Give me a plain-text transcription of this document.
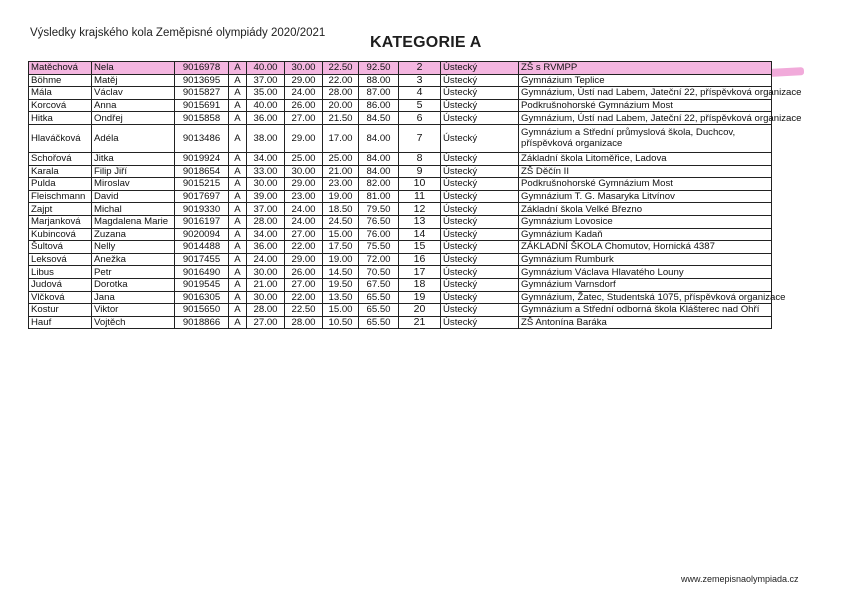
Výsledky krajského kola Zeměpisné olympiády 2020/2021
KATEGORIE A
Matěchová	Nela	9016978	A	40.00	30.00	22.50	92.50	2	Ústecký	ZŠ s RVMPP
Böhme	Matěj	9013695	A	37.00	29.00	22.00	88.00	3	Ústecký	Gymnázium Teplice
Mála	Václav	9015827	A	35.00	24.00	28.00	87.00	4	Ústecký	Gymnázium, Ústí nad Labem, Jateční 22, příspěvková organizace
Korcová	Anna	9015691	A	40.00	26.00	20.00	86.00	5	Ústecký	Podkrušnohorské Gymnázium Most
Hitka	Ondřej	9015858	A	36.00	27.00	21.50	84.50	6	Ústecký	Gymnázium, Ústí nad Labem, Jateční 22, příspěvková organizace
Hlaváčková	Adéla	9013486	A	38.00	29.00	17.00	84.00	7	Ústecký	Gymnázium a Střední průmyslová škola, Duchcov, příspěvková organizace
Schořová	Jitka	9019924	A	34.00	25.00	25.00	84.00	8	Ústecký	Základní škola Litoměřice, Ladova
Karala	Filip Jiří	9018654	A	33.00	30.00	21.00	84.00	9	Ústecký	ZŠ Děčín II
Pulda	Miroslav	9015215	A	30.00	29.00	23.00	82.00	10	Ústecký	Podkrušnohorské Gymnázium Most
Fleischmann	David	9017697	A	39.00	23.00	19.00	81.00	11	Ústecký	Gymnázium T. G. Masaryka Litvínov
Zajpt	Michal	9019330	A	37.00	24.00	18.50	79.50	12	Ústecký	Základní škola Velké Březno
Marjanková	Magdalena Marie	9016197	A	28.00	24.00	24.50	76.50	13	Ústecký	Gymnázium Lovosice
Kubincová	Zuzana	9020094	A	34.00	27.00	15.00	76.00	14	Ústecký	Gymnázium Kadaň
Šultová	Nelly	9014488	A	36.00	22.00	17.50	75.50	15	Ústecký	ZÁKLADNÍ ŠKOLA Chomutov, Hornická 4387
Leksová	Anežka	9017455	A	24.00	29.00	19.00	72.00	16	Ústecký	Gymnázium Rumburk
Libus	Petr	9016490	A	30.00	26.00	14.50	70.50	17	Ústecký	Gymnázium Václava Hlavatého Louny
Judová	Dorotka	9019545	A	21.00	27.00	19.50	67.50	18	Ústecký	Gymnázium Varnsdorf
Vlčková	Jana	9016305	A	30.00	22.00	13.50	65.50	19	Ústecký	Gymnázium, Žatec, Studentská 1075, příspěvková organizace
Kostur	Viktor	9015650	A	28.00	22.50	15.00	65.50	20	Ústecký	Gymnázium a Střední odborná škola Klášterec nad Ohří
Hauf	Vojtěch	9018866	A	27.00	28.00	10.50	65.50	21	Ústecký	ZŠ Antonína Baráka
www.zemepisnaolympiada.cz
